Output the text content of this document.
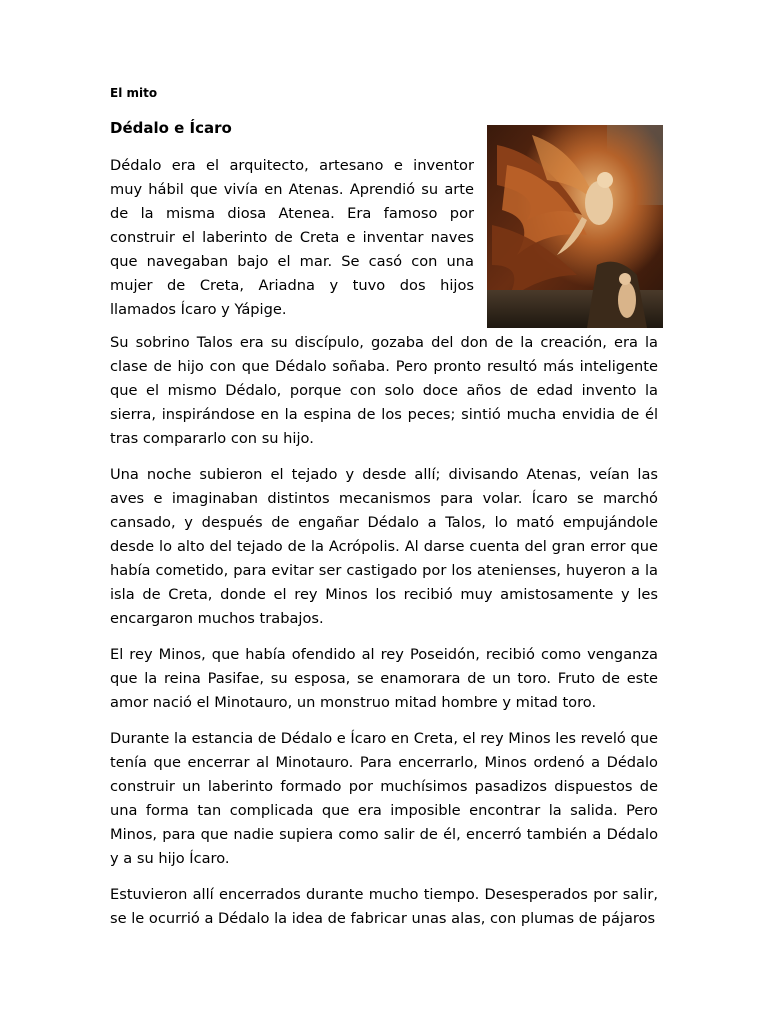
El mito
Dédalo e Ícaro

Dédalo era el arquitecto, artesano e inventor muy hábil que vivía en Atenas. Aprendió su arte de la misma diosa Atenea. Era famoso por construir el laberinto de Creta e inventar naves que navegaban bajo el mar. Se casó con una mujer de Creta, Ariadna y tuvo dos hijos llamados Ícaro y Yápige.

Su sobrino Talos era su discípulo, gozaba del don de la creación, era la clase de hijo con que Dédalo soñaba. Pero pronto resultó más inteligente que el mismo Dédalo, porque con solo doce años de edad invento la sierra, inspirándose en la espina de los peces; sintió mucha envidia de él tras compararlo con su hijo.

Una noche subieron el tejado y desde allí; divisando Atenas, veían las aves e imaginaban distintos mecanismos para volar. Ícaro se marchó cansado, y después de engañar Dédalo a Talos, lo mató empujándole desde lo alto del tejado de la Acrópolis. Al darse cuenta del gran error que había cometido, para evitar ser castigado por los atenienses, huyeron a la isla de Creta, donde el rey Minos los recibió muy amistosamente y les encargaron muchos trabajos.

El rey Minos, que había ofendido al rey Poseidón, recibió como venganza que la reina Pasifae, su esposa, se enamorara de un toro. Fruto de este amor nació el Minotauro, un monstruo mitad hombre y mitad toro.

Durante la estancia de Dédalo e Ícaro en Creta, el rey Minos les reveló que tenía que encerrar al Minotauro. Para encerrarlo, Minos ordenó a Dédalo construir un laberinto formado por muchísimos pasadizos dispuestos de una forma tan complicada que era imposible encontrar la salida. Pero Minos, para que nadie supiera como salir de él, encerró también a Dédalo y a su hijo Ícaro.

Estuvieron allí encerrados durante mucho tiempo. Desesperados por salir, se le ocurrió a Dédalo la idea de fabricar unas alas, con plumas de pájaros
